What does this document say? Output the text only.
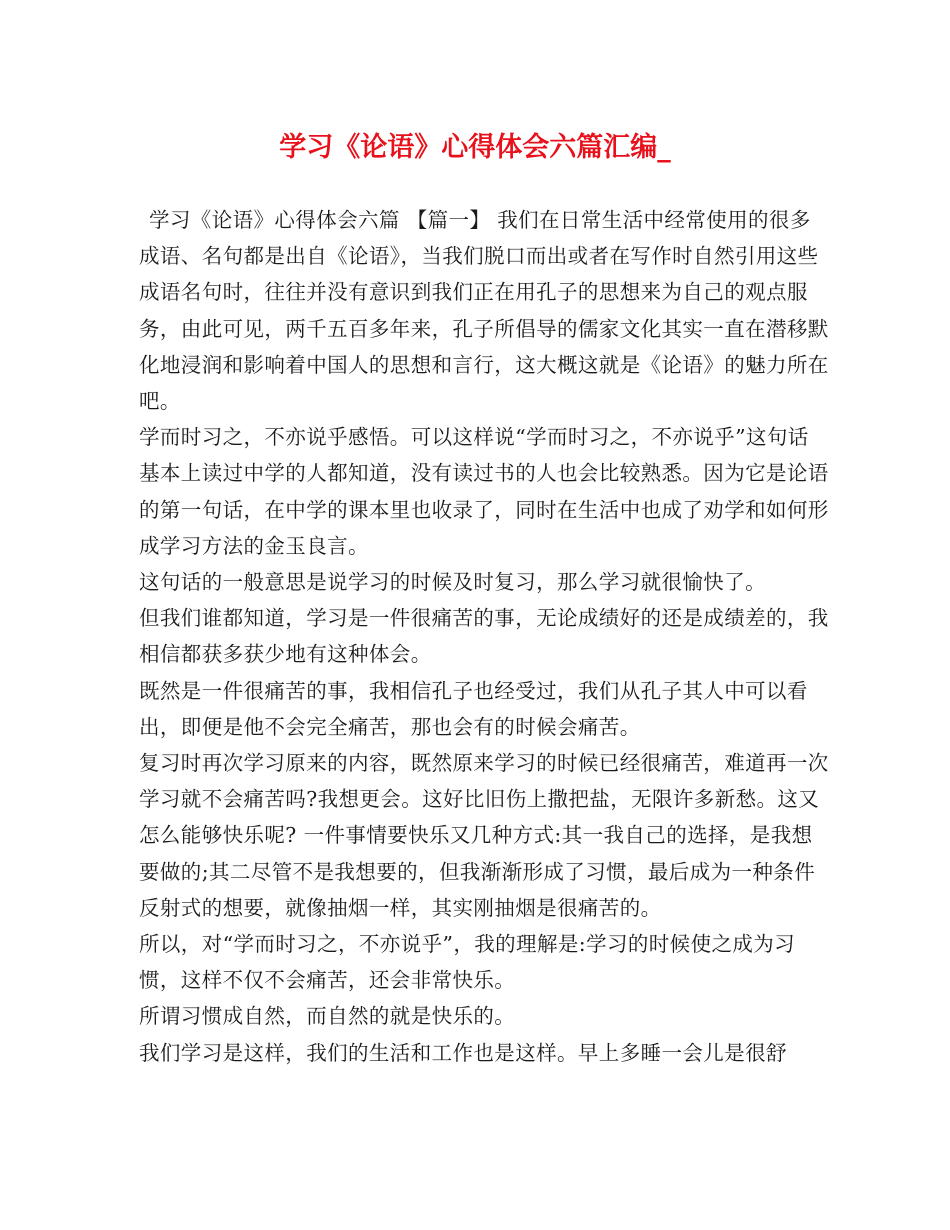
学习《论语》心得体会六篇汇编_

学习《论语》心得体会六篇 【篇一】 我们在日常生活中经常使用的很多成语、名句都是出自《论语》，当我们脱口而出或者在写作时自然引用这些成语名句时，往往并没有意识到我们正在用孔子的思想来为自己的观点服务，由此可见，两千五百多年来，孔子所倡导的儒家文化其实一直在潜移默化地浸润和影响着中国人的思想和言行，这大概这就是《论语》的魅力所在吧。

学而时习之，不亦说乎感悟。可以这样说“学而时习之，不亦说乎”这句话基本上读过中学的人都知道，没有读过书的人也会比较熟悉。因为它是论语的第一句话，在中学的课本里也收录了，同时在生活中也成了劝学和如何形成学习方法的金玉良言。

这句话的一般意思是说学习的时候及时复习，那么学习就很愉快了。

但我们谁都知道，学习是一件很痛苦的事，无论成绩好的还是成绩差的，我相信都获多获少地有这种体会。

既然是一件很痛苦的事，我相信孔子也经受过，我们从孔子其人中可以看出，即便是他不会完全痛苦，那也会有的时候会痛苦。

复习时再次学习原来的内容，既然原来学习的时候已经很痛苦，难道再一次学习就不会痛苦吗?我想更会。这好比旧伤上撒把盐，无限许多新愁。这又怎么能够快乐呢? 一件事情要快乐又几种方式:其一我自己的选择，是我想要做的;其二尽管不是我想要的，但我渐渐形成了习惯，最后成为一种条件反射式的想要，就像抽烟一样，其实刚抽烟是很痛苦的。

所以，对“学而时习之，不亦说乎”，我的理解是:学习的时候使之成为习惯，这样不仅不会痛苦，还会非常快乐。

所谓习惯成自然，而自然的就是快乐的。

我们学习是这样，我们的生活和工作也是这样。早上多睡一会儿是很舒
